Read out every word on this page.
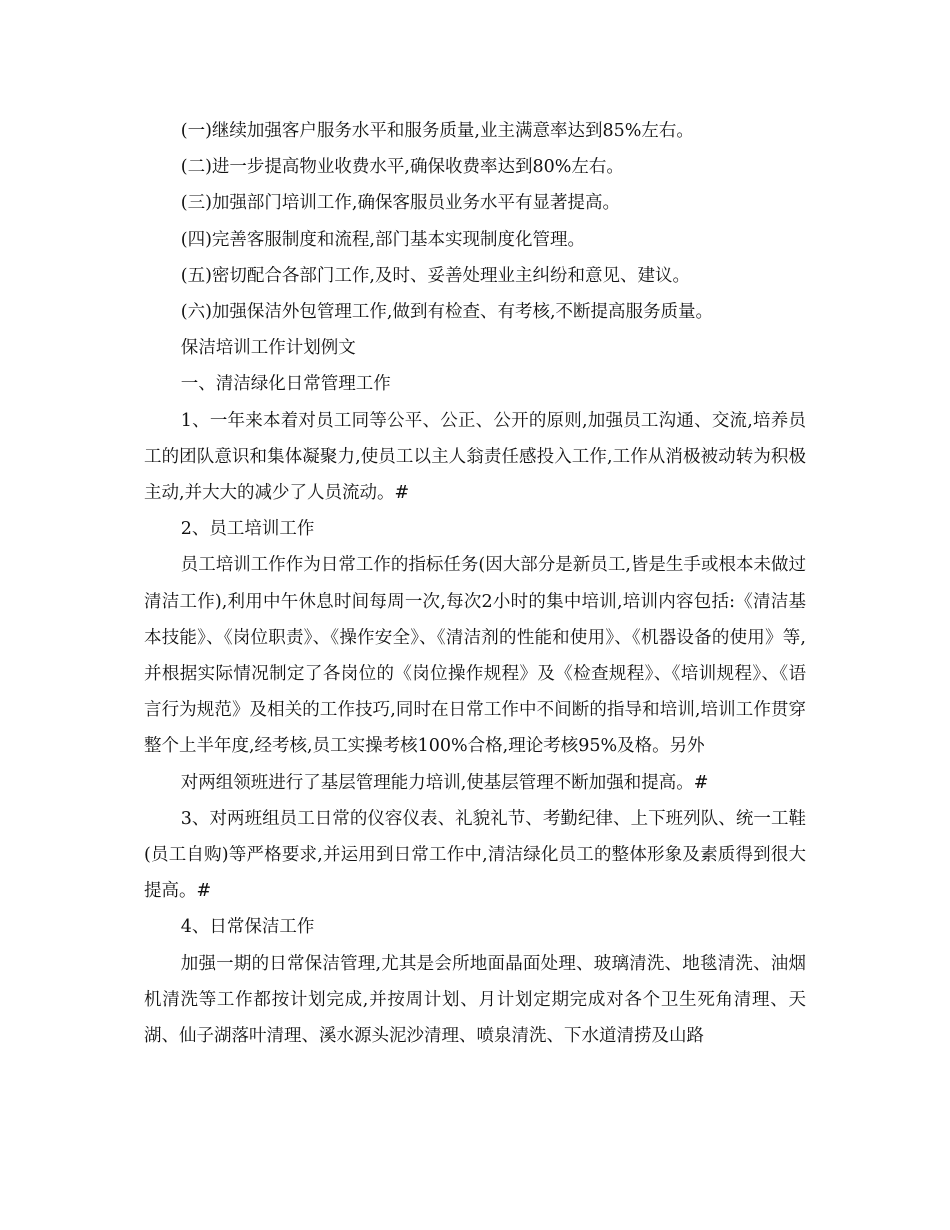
(一)继续加强客户服务水平和服务质量,业主满意率达到85%左右。

(二)进一步提高物业收费水平,确保收费率达到80%左右。

(三)加强部门培训工作,确保客服员业务水平有显著提高。

(四)完善客服制度和流程,部门基本实现制度化管理。

(五)密切配合各部门工作,及时、妥善处理业主纠纷和意见、建议。

(六)加强保洁外包管理工作,做到有检查、有考核,不断提高服务质量。

保洁培训工作计划例文

一、清洁绿化日常管理工作

1、一年来本着对员工同等公平、公正、公开的原则,加强员工沟通、交流,培养员工的团队意识和集体凝聚力,使员工以主人翁责任感投入工作,工作从消极被动转为积极主动,并大大的减少了人员流动。#

2、员工培训工作

员工培训工作作为日常工作的指标任务(因大部分是新员工,皆是生手或根本未做过清洁工作),利用中午休息时间每周一次,每次2小时的集中培训,培训内容包括:《清洁基本技能》、《岗位职责》、《操作安全》、《清洁剂的性能和使用》、《机器设备的使用》等,并根据实际情况制定了各岗位的《岗位操作规程》及《检查规程》、《培训规程》、《语言行为规范》及相关的工作技巧,同时在日常工作中不间断的指导和培训,培训工作贯穿整个上半年度,经考核,员工实操考核100%合格,理论考核95%及格。另外

对两组领班进行了基层管理能力培训,使基层管理不断加强和提高。#

3、对两班组员工日常的仪容仪表、礼貌礼节、考勤纪律、上下班列队、统一工鞋(员工自购)等严格要求,并运用到日常工作中,清洁绿化员工的整体形象及素质得到很大提高。#

4、日常保洁工作

加强一期的日常保洁管理,尤其是会所地面晶面处理、玻璃清洗、地毯清洗、油烟机清洗等工作都按计划完成,并按周计划、月计划定期完成对各个卫生死角清理、天湖、仙子湖落叶清理、溪水源头泥沙清理、喷泉清洗、下水道清捞及山路
